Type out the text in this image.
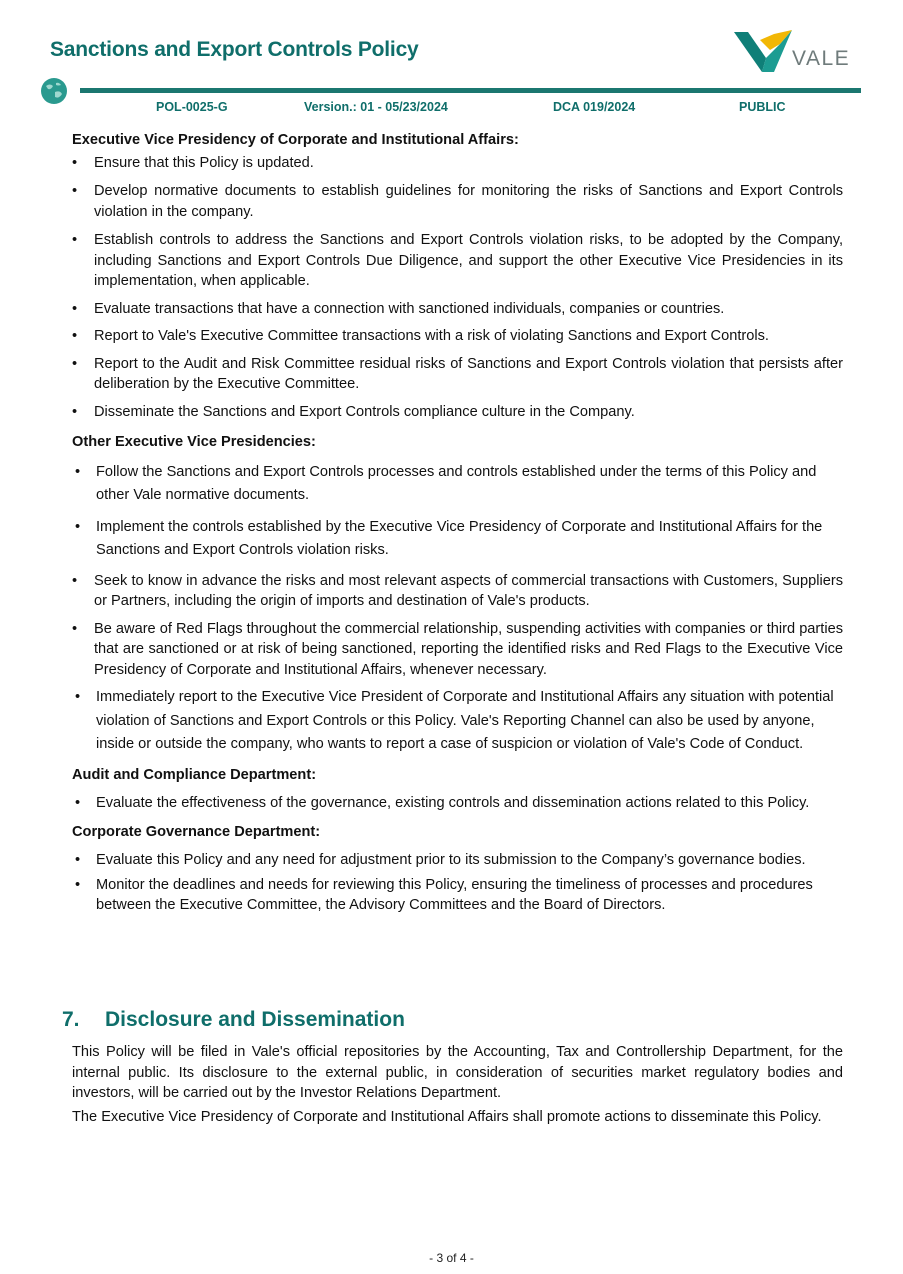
Sanctions and Export Controls Policy	VALE
POL-0025-G	Version.: 01 - 05/23/2024	DCA 019/2024	PUBLIC

Executive Vice Presidency of Corporate and Institutional Affairs:

• Ensure that this Policy is updated.
• Develop normative documents to establish guidelines for monitoring the risks of Sanctions and Export Controls violation in the company.
• Establish controls to address the Sanctions and Export Controls violation risks, to be adopted by the Company, including Sanctions and Export Controls Due Diligence, and support the other Executive Vice Presidencies in its implementation, when applicable.
• Evaluate transactions that have a connection with sanctioned individuals, companies or countries.
• Report to Vale's Executive Committee transactions with a risk of violating Sanctions and Export Controls.
• Report to the Audit and Risk Committee residual risks of Sanctions and Export Controls violation that persists after deliberation by the Executive Committee.
• Disseminate the Sanctions and Export Controls compliance culture in the Company.

Other Executive Vice Presidencies:

• Follow the Sanctions and Export Controls processes and controls established under the terms of this Policy and other Vale normative documents.
• Implement the controls established by the Executive Vice Presidency of Corporate and Institutional Affairs for the Sanctions and Export Controls violation risks.
• Seek to know in advance the risks and most relevant aspects of commercial transactions with Customers, Suppliers or Partners, including the origin of imports and destination of Vale's products.
• Be aware of Red Flags throughout the commercial relationship, suspending activities with companies or third parties that are sanctioned or at risk of being sanctioned, reporting the identified risks and Red Flags to the Executive Vice Presidency of Corporate and Institutional Affairs, whenever necessary.
• Immediately report to the Executive Vice President of Corporate and Institutional Affairs any situation with potential violation of Sanctions and Export Controls or this Policy. Vale's Reporting Channel can also be used by anyone, inside or outside the company, who wants to report a case of suspicion or violation of Vale's Code of Conduct.

Audit and Compliance Department:

• Evaluate the effectiveness of the governance, existing controls and dissemination actions related to this Policy.

Corporate Governance Department:

• Evaluate this Policy and any need for adjustment prior to its submission to the Company’s governance bodies.
• Monitor the deadlines and needs for reviewing this Policy, ensuring the timeliness of processes and procedures between the Executive Committee, the Advisory Committees and the Board of Directors.
7. Disclosure and Dissemination

This Policy will be filed in Vale's official repositories by the Accounting, Tax and Controllership Department, for the internal public. Its disclosure to the external public, in consideration of securities market regulatory bodies and investors, will be carried out by the Investor Relations Department.

The Executive Vice Presidency of Corporate and Institutional Affairs shall promote actions to disseminate this Policy.

- 3 of 4 -
